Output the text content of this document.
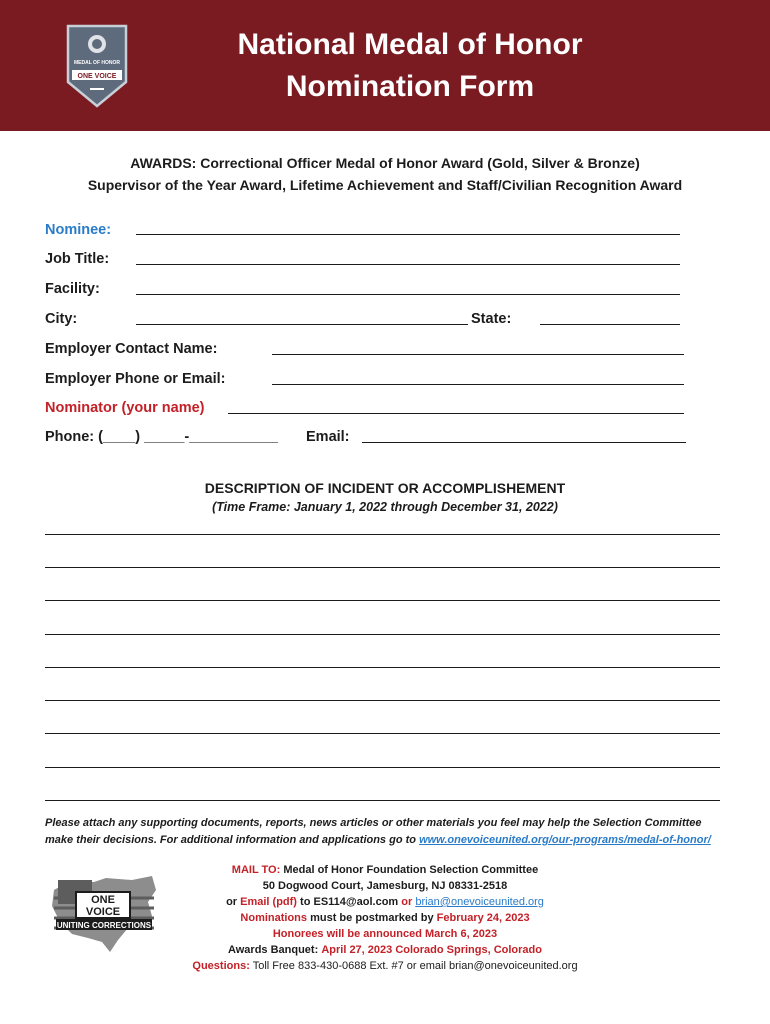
MEDAL OF HONOR
ONE VOICE
National Medal of Honor
Nomination Form
AWARDS: Correctional Officer Medal of Honor Award (Gold, Silver & Bronze)
Supervisor of the Year Award, Lifetime Achievement and Staff/Civilian Recognition Award
Nominee:
Job Title:
Facility:
City:	State:
Employer Contact Name:
Employer Phone or Email:
Nominator (your name)
Phone: (____) _____-___________ Email:
DESCRIPTION OF INCIDENT OR ACCOMPLISHEMENT
(Time Frame: January 1, 2022 through December 31, 2022)
Please attach any supporting documents, reports, news articles or other materials you feel may help the Selection Committee
make their decisions. For additional information and applications go to www.onevoiceunited.org/our-programs/medal-of-honor/
ONE
VOICE
UNITING CORRECTIONS
MAIL TO: Medal of Honor Foundation Selection Committee
50 Dogwood Court, Jamesburg, NJ 08331-2518
or Email (pdf) to ES114@aol.com or brian@onevoiceunited.org
Nominations must be postmarked by February 24, 2023
Honorees will be announced March 6, 2023
Awards Banquet: April 27, 2023 Colorado Springs, Colorado
Questions: Toll Free 833-430-0688 Ext. #7 or email brian@onevoiceunited.org
